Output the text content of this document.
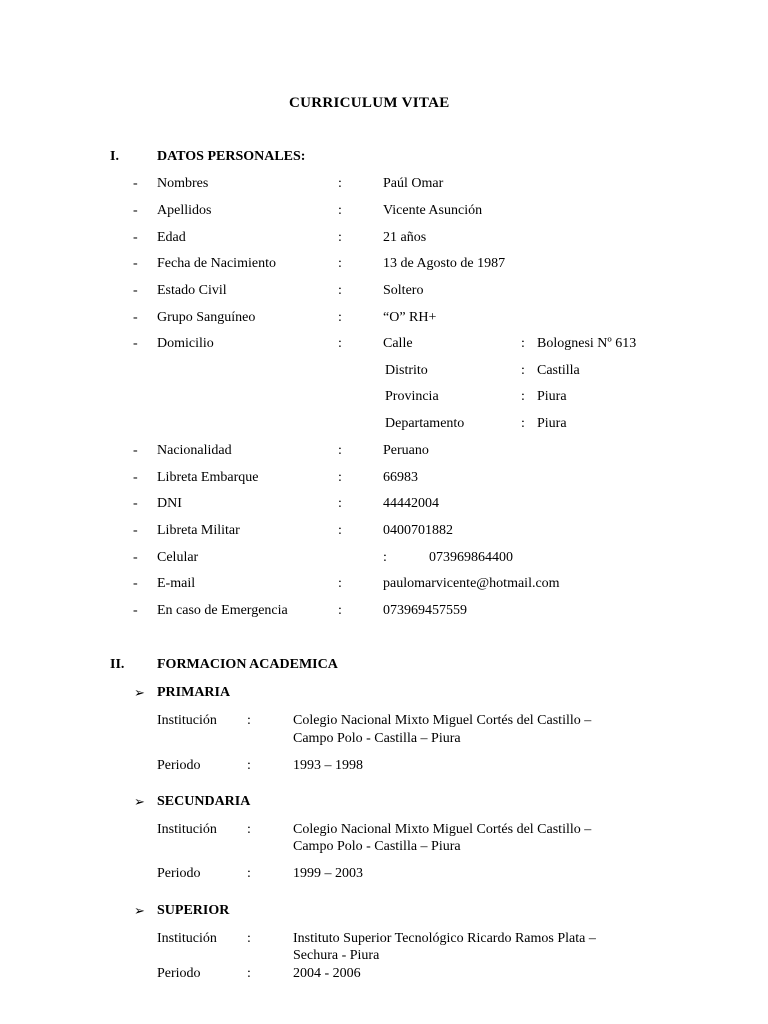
CURRICULUM VITAE
I.	DATOS PERSONALES:
- Nombres	:	Paúl Omar
- Apellidos	:	Vicente Asunción
- Edad	:	21 años
- Fecha de Nacimiento	:	13 de Agosto de 1987
- Estado Civil	:	Soltero
- Grupo Sanguíneo	:	“O” RH+
- Domicilio	:	Calle	: Bolognesi Nº 613
Distrito	: Castilla
Provincia	: Piura
Departamento	: Piura
- Nacionalidad	:	Peruano
- Libreta Embarque	:	66983
- DNI	:	44442004
- Libreta Militar	:	0400701882
- Celular	:	073969864400
- E-mail	:	paulomarvicente@hotmail.com
- En caso de Emergencia	:	073969457559
II. FORMACION ACADEMICA
➢ PRIMARIA
Institución :	Colegio Nacional Mixto Miguel Cortés del Castillo –
Campo Polo - Castilla – Piura
Periodo	:	1993 – 1998
➢ SECUNDARIA
Institución :	Colegio Nacional Mixto Miguel Cortés del Castillo –
Campo Polo - Castilla – Piura
Periodo	:	1999 – 2003
➢ SUPERIOR
Institución :	Instituto Superior Tecnológico Ricardo Ramos Plata –
Sechura - Piura
Periodo	:	2004 - 2006
